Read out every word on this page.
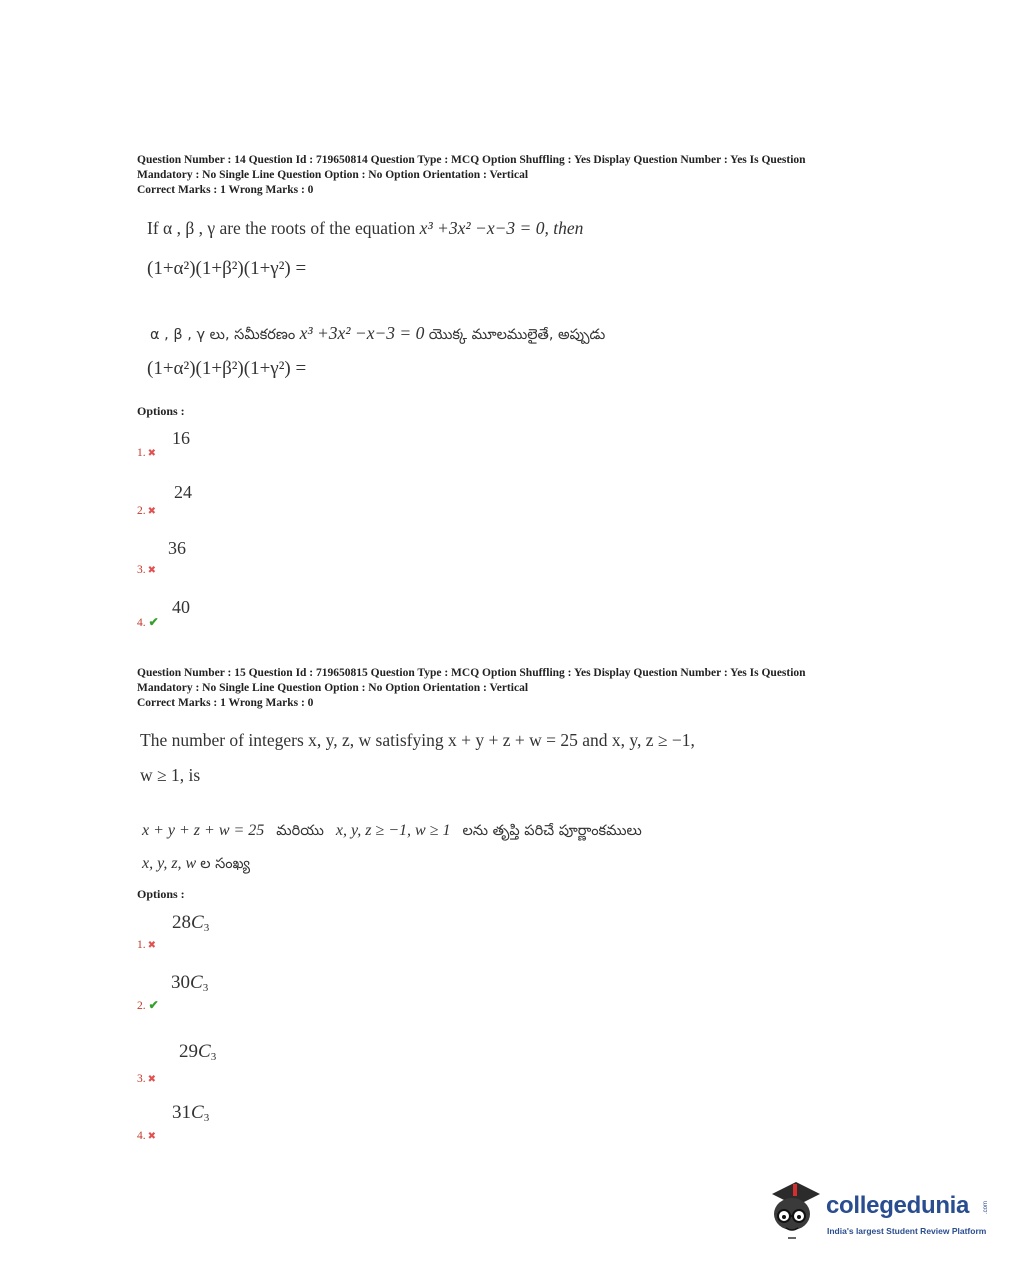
Question Number : 14 Question Id : 719650814 Question Type : MCQ Option Shuffling : Yes Display Question Number : Yes Is Question
Mandatory : No Single Line Question Option : No Option Orientation : Vertical
Correct Marks : 1 Wrong Marks : 0
If α , β , γ are the roots of the equation x³ +3x² −x−3 = 0, then
(1+α²)(1+β²)(1+γ²) =
α , β , γ లు, సమీకరణం x³ +3x² −x−3 = 0 యొక్క మూలములైతే, అప్పుడు
(1+α²)(1+β²)(1+γ²) =
Options :
1. ✖
16
2. ✖
24
3. ✖
36
4. ✔
40
Question Number : 15 Question Id : 719650815 Question Type : MCQ Option Shuffling : Yes Display Question Number : Yes Is Question
Mandatory : No Single Line Question Option : No Option Orientation : Vertical
Correct Marks : 1 Wrong Marks : 0
The number of integers x, y, z, w satisfying x + y + z + w = 25 and x, y, z ≥ −1,
w ≥ 1, is
x + y + z + w = 25 మరియు x, y, z ≥ −1, w ≥ 1 లను తృప్తి పరిచే పూర్ణాంకములు
x, y, z, w ల సంఖ్య
Options :
1. ✖
$28C_3$
2. ✔
$30C_3$
3. ✖
$29C_3$
4. ✖
$31C_3$
collegedunia .com
India's largest Student Review Platform
